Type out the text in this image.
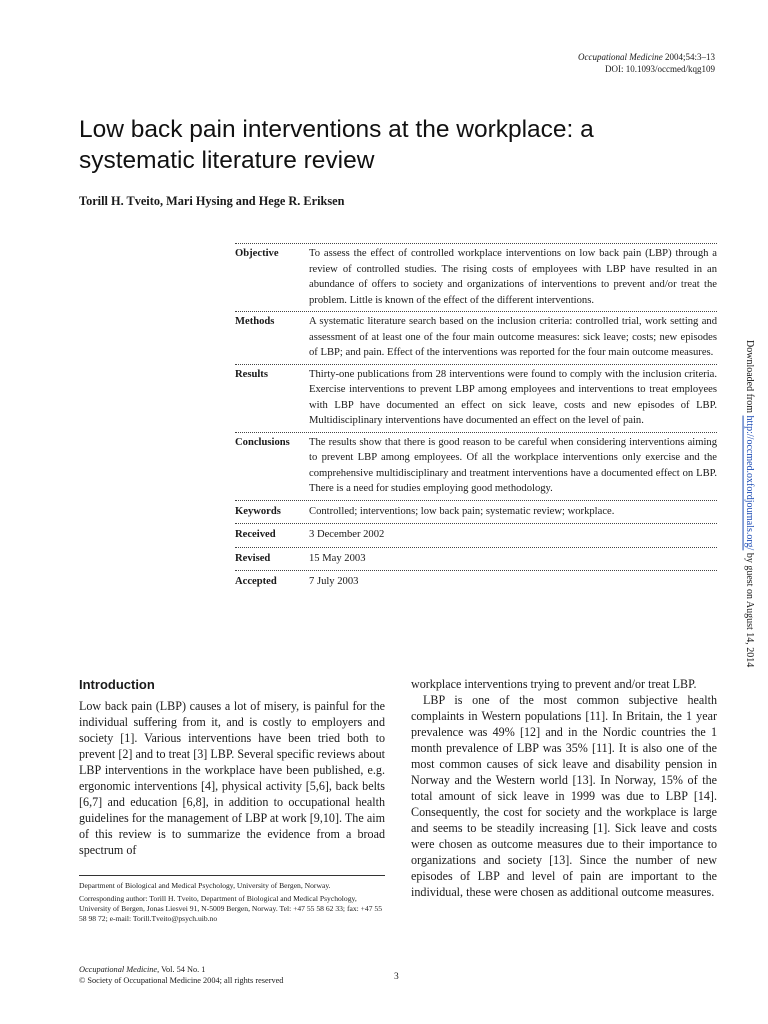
Occupational Medicine 2004;54:3–13
DOI: 10.1093/occmed/kqg109
Low back pain interventions at the workplace: a
systematic literature review
Torill H. Tveito, Mari Hysing and Hege R. Eriksen
Objective	To assess the effect of controlled workplace interventions on low back pain (LBP) through a review of controlled studies. The rising costs of employees with LBP have resulted in an abundance of offers to society and organizations of interventions to prevent and/or treat the problem. Little is known of the effect of the different interventions.
Methods	A systematic literature search based on the inclusion criteria: controlled trial, work setting and assessment of at least one of the four main outcome measures: sick leave; costs; new episodes of LBP; and pain. Effect of the interventions was reported for the four main outcome measures.
Results	Thirty-one publications from 28 interventions were found to comply with the inclusion criteria. Exercise interventions to prevent LBP among employees and interventions to treat employees with LBP have documented an effect on sick leave, costs and new episodes of LBP. Multidisciplinary interventions have documented an effect on the level of pain.
Conclusions	The results show that there is good reason to be careful when considering interventions aiming to prevent LBP among employees. Of all the workplace interventions only exercise and the comprehensive multidisciplinary and treatment interventions have a documented effect on LBP. There is a need for studies employing good methodology.
Keywords	Controlled; interventions; low back pain; systematic review; workplace.
Received	3 December 2002
Revised	15 May 2003
Accepted	7 July 2003
Downloaded from http://occmed.oxfordjournals.org/ by guest on August 14, 2014
Introduction

Low back pain (LBP) causes a lot of misery, is painful for the individual suffering from it, and is costly to employers and society [1]. Various interventions have been tried both to prevent [2] and to treat [3] LBP. Several specific reviews about LBP interventions in the workplace have been published, e.g. ergonomic interventions [4], physical activity [5,6], back belts [6,7] and education [6,8], in addition to occupational health guidelines for the management of LBP at work [9,10]. The aim of this review is to summarize the evidence from a broad spectrum of

workplace interventions trying to prevent and/or treat LBP.

LBP is one of the most common subjective health complaints in Western populations [11]. In Britain, the 1 year prevalence was 49% [12] and in the Nordic countries the 1 month prevalence of LBP was 35% [11]. It is also one of the most common causes of sick leave and disability pension in Norway and the Western world [13]. In Norway, 15% of the total amount of sick leave in 1999 was due to LBP [14]. Consequently, the cost for society and the workplace is large and seems to be steadily increasing [1]. Sick leave and costs were chosen as outcome measures due to their importance to organizations and society [13]. Since the number of new episodes of LBP and level of pain are important to the individual, these were chosen as additional outcome measures.

Department of Biological and Medical Psychology, University of Bergen, Norway.

Corresponding author: Torill H. Tveito, Department of Biological and Medical Psychology, University of Bergen, Jonas Liesvei 91, N-5009 Bergen, Norway. Tel: +47 55 58 62 33; fax: +47 55 58 98 72; e-mail: Torill.Tveito@psych.uib.no

Occupational Medicine, Vol. 54 No. 1
© Society of Occupational Medicine 2004; all rights reserved	3
